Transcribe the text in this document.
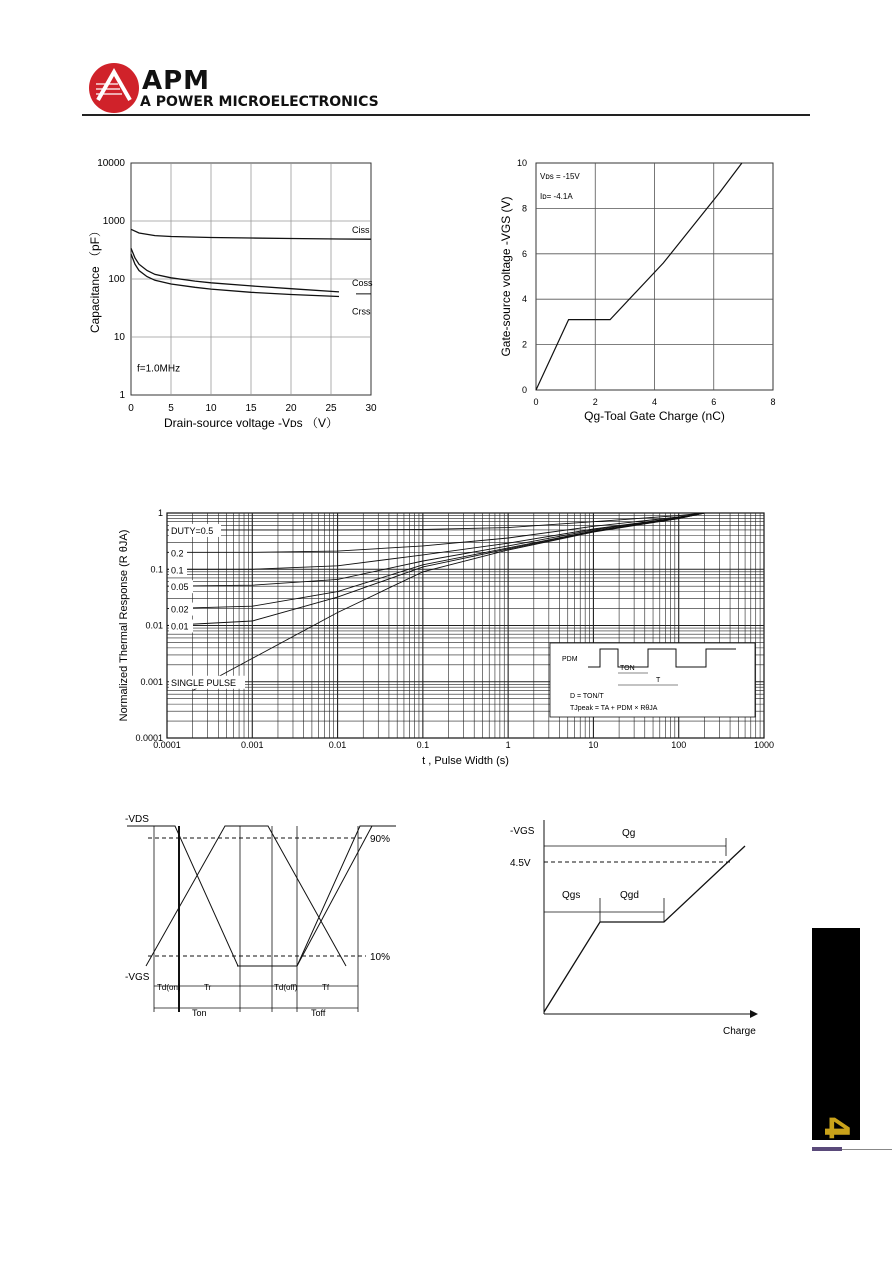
APM
A POWER MICROELECTRONICS
0	5	10	15	20	25	30
1
10
100
1000
10000
Drain-source voltage -Vᴅs （V）
Capacitance （pF）
f=1.0MHz
Ciss
Coss
Crss
0	2	4	6	8
0
2
4
6
8
10
Qg-Toal Gate Charge (nC)
Gate-source voltage -VGS (V)
Vᴅs = -15V
Iᴅ= -4.1A
0.0001	0.001	0.01	0.1	1	10	100	1000
0.0001
0.001
0.01
0.1
1
t , Pulse Width (s)
Normalized Thermal Response (R θJA)	DUTY=0.5
0.2
0.1
0.05
0.02
0.01
SINGLE PULSE
PDM
TON
T
D = TON/T
TJpeak = TA + PDM × RθJA
90%
10%
-VDS
-VGS
Td(on)	Tr	Td(off)	Tf
Ton	Toff
-VGS
4.5V
Qg
Qgs	Qgd
Charge
4
